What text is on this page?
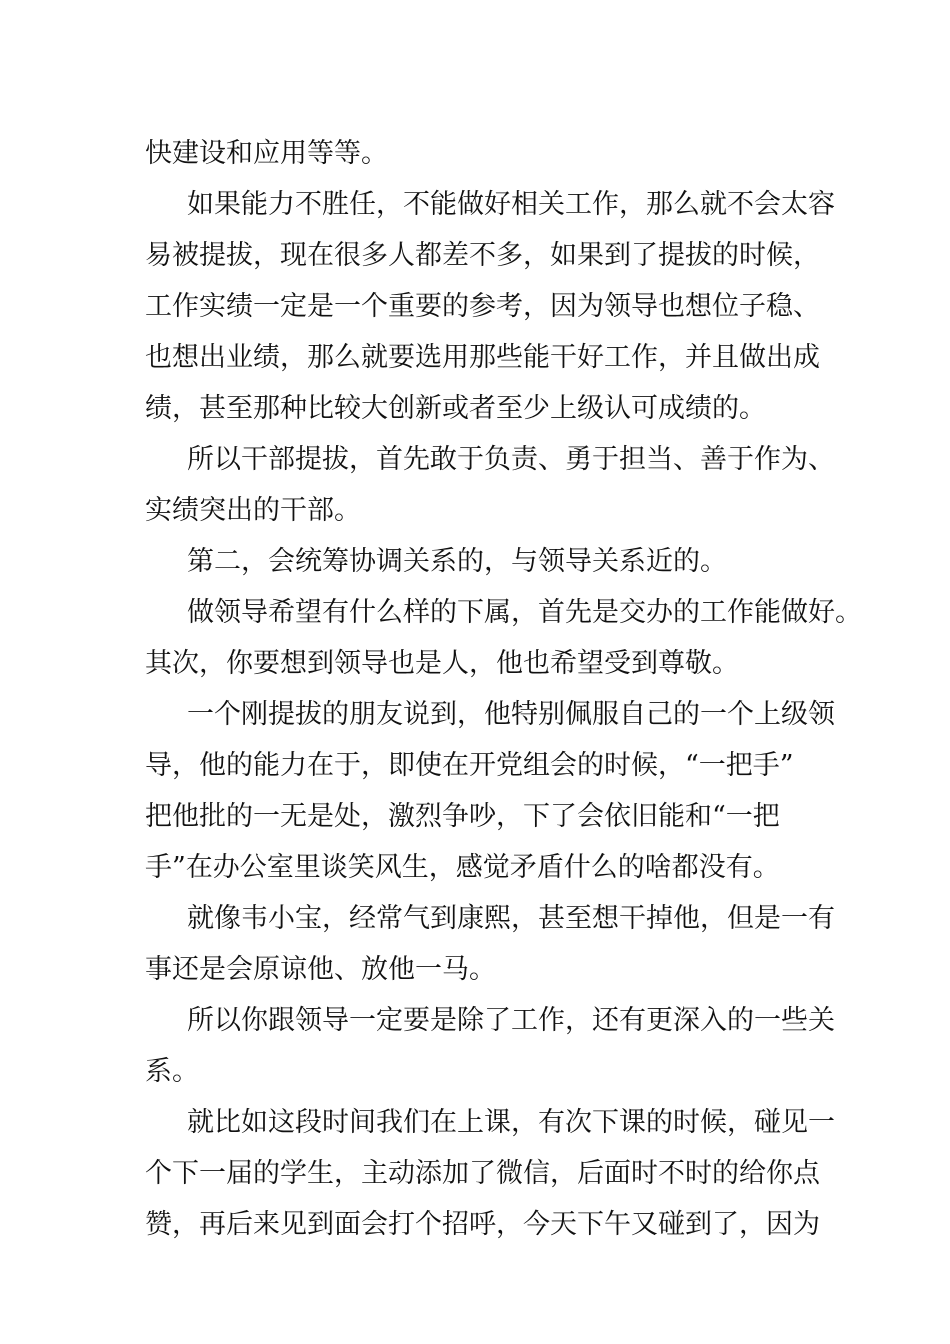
快建设和应用等等。
如果能力不胜任，不能做好相关工作，那么就不会太容
易被提拔，现在很多人都差不多，如果到了提拔的时候，
工作实绩一定是一个重要的参考，因为领导也想位子稳、
也想出业绩，那么就要选用那些能干好工作，并且做出成
绩，甚至那种比较大创新或者至少上级认可成绩的。
所以干部提拔，首先敢于负责、勇于担当、善于作为、
实绩突出的干部。
第二，会统筹协调关系的，与领导关系近的。
做领导希望有什么样的下属，首先是交办的工作能做好。
其次，你要想到领导也是人，他也希望受到尊敬。
一个刚提拔的朋友说到，他特别佩服自己的一个上级领
导，他的能力在于，即使在开党组会的时候，“一把手”
把他批的一无是处，激烈争吵，下了会依旧能和“一把
手”在办公室里谈笑风生，感觉矛盾什么的啥都没有。
就像韦小宝，经常气到康熙，甚至想干掉他，但是一有
事还是会原谅他、放他一马。
所以你跟领导一定要是除了工作，还有更深入的一些关
系。
就比如这段时间我们在上课，有次下课的时候，碰见一
个下一届的学生，主动添加了微信，后面时不时的给你点
赞，再后来见到面会打个招呼，今天下午又碰到了，因为
